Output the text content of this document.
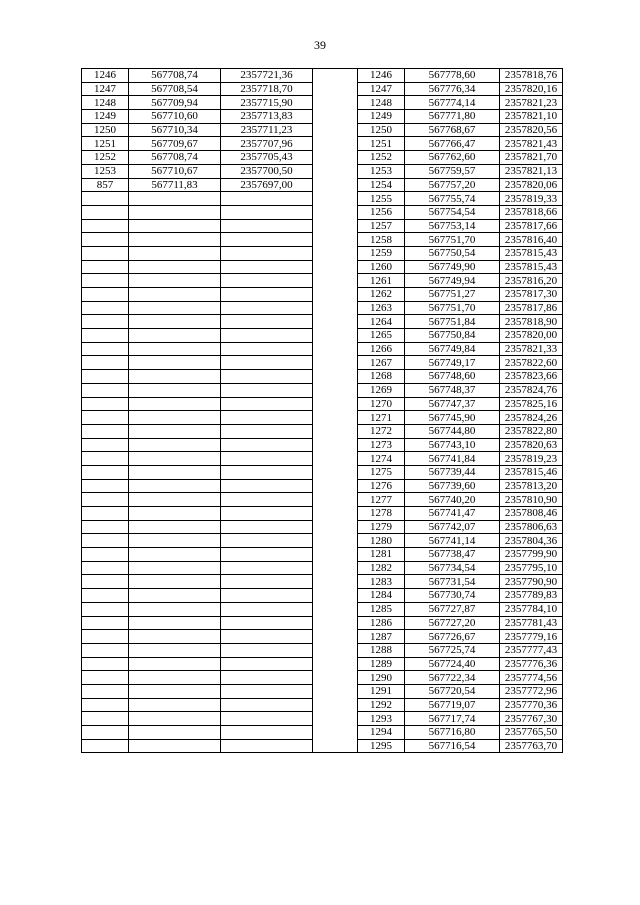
39
1246	567708,74	2357721,36		1246	567778,60	2357818,76
1247	567708,54	2357718,70		1247	567776,34	2357820,16
1248	567709,94	2357715,90		1248	567774,14	2357821,23
1249	567710,60	2357713,83		1249	567771,80	2357821,10
1250	567710,34	2357711,23		1250	567768,67	2357820,56
1251	567709,67	2357707,96		1251	567766,47	2357821,43
1252	567708,74	2357705,43		1252	567762,60	2357821,70
1253	567710,67	2357700,50		1253	567759,57	2357821,13
857	567711,83	2357697,00		1254	567757,20	2357820,06
				1255	567755,74	2357819,33
				1256	567754,54	2357818,66
				1257	567753,14	2357817,66
				1258	567751,70	2357816,40
				1259	567750,54	2357815,43
				1260	567749,90	2357815,43
				1261	567749,94	2357816,20
				1262	567751,27	2357817,30
				1263	567751,70	2357817,86
				1264	567751,84	2357818,90
				1265	567750,84	2357820,00
				1266	567749,84	2357821,33
				1267	567749,17	2357822,60
				1268	567748,60	2357823,66
				1269	567748,37	2357824,76
				1270	567747,37	2357825,16
				1271	567745,90	2357824,26
				1272	567744,80	2357822,80
				1273	567743,10	2357820,63
				1274	567741,84	2357819,23
				1275	567739,44	2357815,46
				1276	567739,60	2357813,20
				1277	567740,20	2357810,90
				1278	567741,47	2357808,46
				1279	567742,07	2357806,63
				1280	567741,14	2357804,36
				1281	567738,47	2357799,90
				1282	567734,54	2357795,10
				1283	567731,54	2357790,90
				1284	567730,74	2357789,83
				1285	567727,87	2357784,10
				1286	567727,20	2357781,43
				1287	567726,67	2357779,16
				1288	567725,74	2357777,43
				1289	567724,40	2357776,36
				1290	567722,34	2357774,56
				1291	567720,54	2357772,96
				1292	567719,07	2357770,36
				1293	567717,74	2357767,30
				1294	567716,80	2357765,50
				1295	567716,54	2357763,70
